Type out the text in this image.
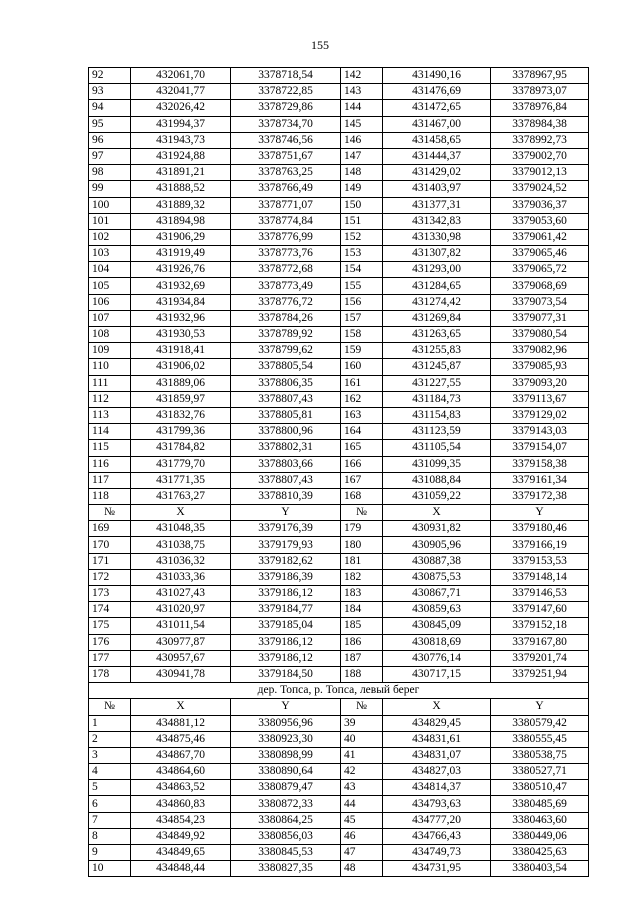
155
92	432061,70	3378718,54	142	431490,16	3378967,95
93	432041,77	3378722,85	143	431476,69	3378973,07
94	432026,42	3378729,86	144	431472,65	3378976,84
95	431994,37	3378734,70	145	431467,00	3378984,38
96	431943,73	3378746,56	146	431458,65	3378992,73
97	431924,88	3378751,67	147	431444,37	3379002,70
98	431891,21	3378763,25	148	431429,02	3379012,13
99	431888,52	3378766,49	149	431403,97	3379024,52
100	431889,32	3378771,07	150	431377,31	3379036,37
101	431894,98	3378774,84	151	431342,83	3379053,60
102	431906,29	3378776,99	152	431330,98	3379061,42
103	431919,49	3378773,76	153	431307,82	3379065,46
104	431926,76	3378772,68	154	431293,00	3379065,72
105	431932,69	3378773,49	155	431284,65	3379068,69
106	431934,84	3378776,72	156	431274,42	3379073,54
107	431932,96	3378784,26	157	431269,84	3379077,31
108	431930,53	3378789,92	158	431263,65	3379080,54
109	431918,41	3378799,62	159	431255,83	3379082,96
110	431906,02	3378805,54	160	431245,87	3379085,93
111	431889,06	3378806,35	161	431227,55	3379093,20
112	431859,97	3378807,43	162	431184,73	3379113,67
113	431832,76	3378805,81	163	431154,83	3379129,02
114	431799,36	3378800,96	164	431123,59	3379143,03
115	431784,82	3378802,31	165	431105,54	3379154,07
116	431779,70	3378803,66	166	431099,35	3379158,38
117	431771,35	3378807,43	167	431088,84	3379161,34
118	431763,27	3378810,39	168	431059,22	3379172,38
№	X	Y	№	X	Y
169	431048,35	3379176,39	179	430931,82	3379180,46
170	431038,75	3379179,93	180	430905,96	3379166,19
171	431036,32	3379182,62	181	430887,38	3379153,53
172	431033,36	3379186,39	182	430875,53	3379148,14
173	431027,43	3379186,12	183	430867,71	3379146,53
174	431020,97	3379184,77	184	430859,63	3379147,60
175	431011,54	3379185,04	185	430845,09	3379152,18
176	430977,87	3379186,12	186	430818,69	3379167,80
177	430957,67	3379186,12	187	430776,14	3379201,74
178	430941,78	3379184,50	188	430717,15	3379251,94
дер. Топса, р. Топса, левый берег					
№	X	Y	№	X	Y
1	434881,12	3380956,96	39	434829,45	3380579,42
2	434875,46	3380923,30	40	434831,61	3380555,45
3	434867,70	3380898,99	41	434831,07	3380538,75
4	434864,60	3380890,64	42	434827,03	3380527,71
5	434863,52	3380879,47	43	434814,37	3380510,47
6	434860,83	3380872,33	44	434793,63	3380485,69
7	434854,23	3380864,25	45	434777,20	3380463,60
8	434849,92	3380856,03	46	434766,43	3380449,06
9	434849,65	3380845,53	47	434749,73	3380425,63
10	434848,44	3380827,35	48	434731,95	3380403,54
